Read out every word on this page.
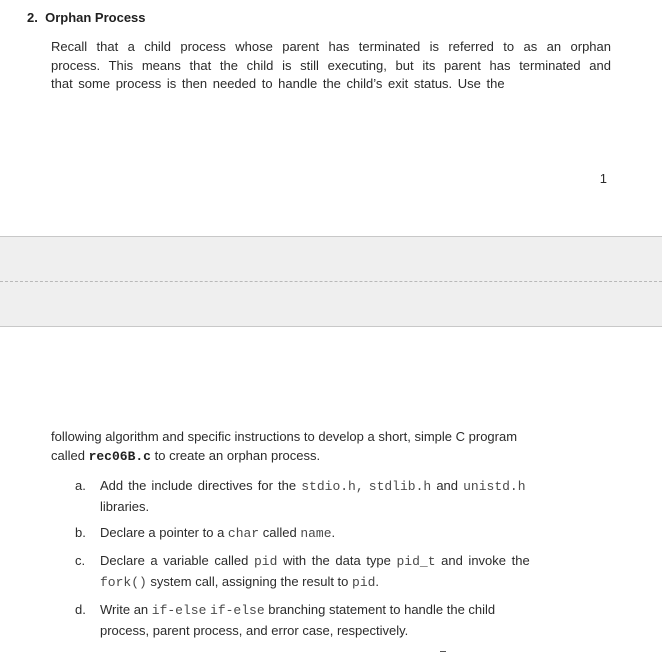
2. Orphan Process
Recall that a child process whose parent has terminated is referred to as an orphan
process. This means that the child is still executing, but its parent has terminated and
that some process is then needed to handle the child’s exit status. Use the
1
following algorithm and specific instructions to develop a short, simple C program
called rec06B.c to create an orphan process.
a. Add the include directives for the stdio.h, stdlib.h and unistd.h
libraries.
b. Declare a pointer to a char called name.
c. Declare a variable called pid with the data type pid_t and invoke the
fork() system call, assigning the result to pid.
d. Write an if-else if-else branching statement to handle the child
process, parent process, and error case, respectively.
